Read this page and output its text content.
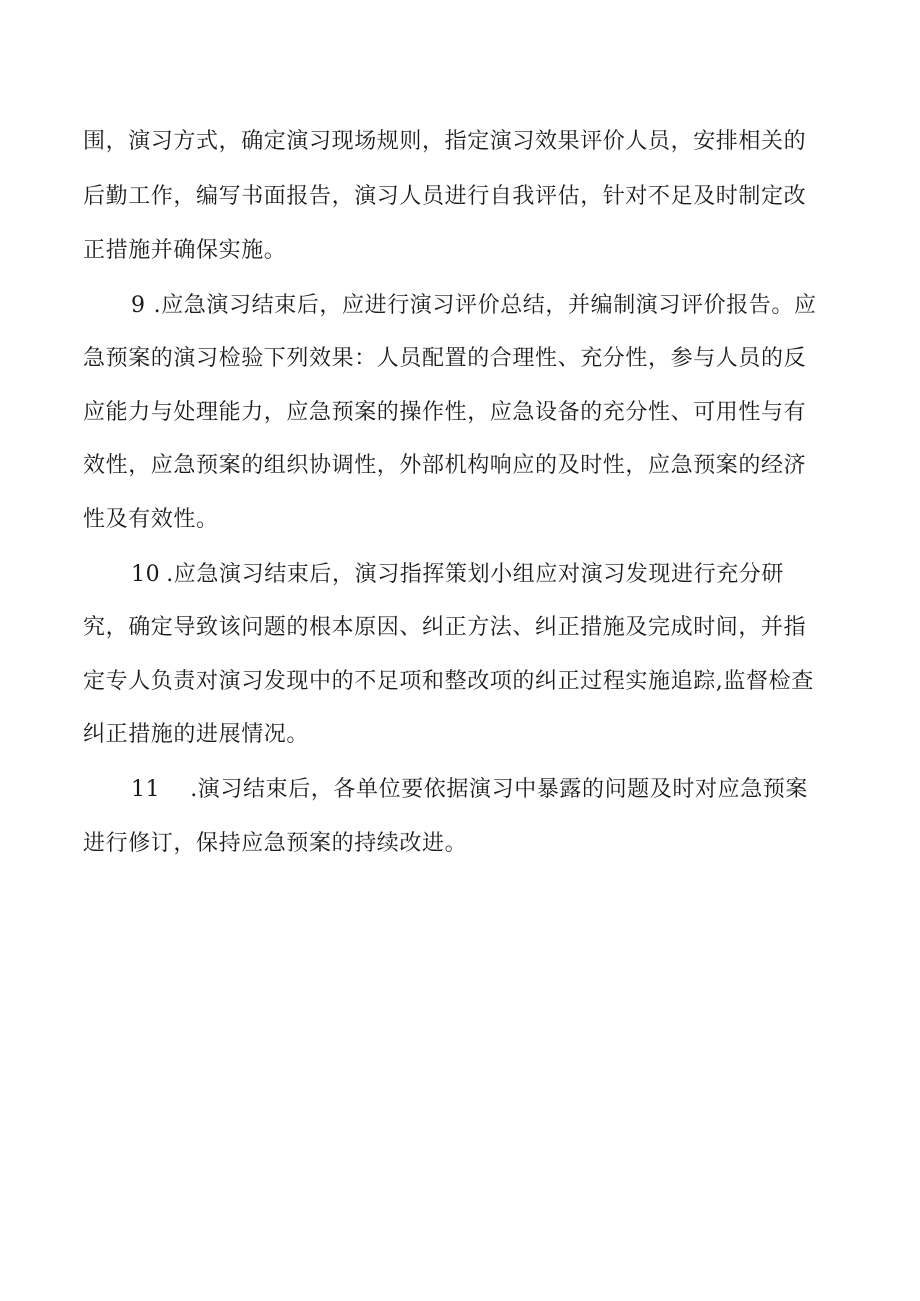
围，演习方式，确定演习现场规则，指定演习效果评价人员，安排相关的
后勤工作，编写书面报告，演习人员进行自我评估，针对不足及时制定改
正措施并确保实施。
9 .应急演习结束后，应进行演习评价总结，并编制演习评价报告。应
急预案的演习检验下列效果：人员配置的合理性、充分性，参与人员的反
应能力与处理能力，应急预案的操作性，应急设备的充分性、可用性与有
效性，应急预案的组织协调性，外部机构响应的及时性，应急预案的经济
性及有效性。
10 .应急演习结束后，演习指挥策划小组应对演习发现进行充分研
究，确定导致该问题的根本原因、纠正方法、纠正措施及完成时间，并指
定专人负责对演习发现中的不足项和整改项的纠正过程实施追踪,监督检查
纠正措施的进展情况。
11 .演习结束后，各单位要依据演习中暴露的问题及时对应急预案
进行修订，保持应急预案的持续改进。
